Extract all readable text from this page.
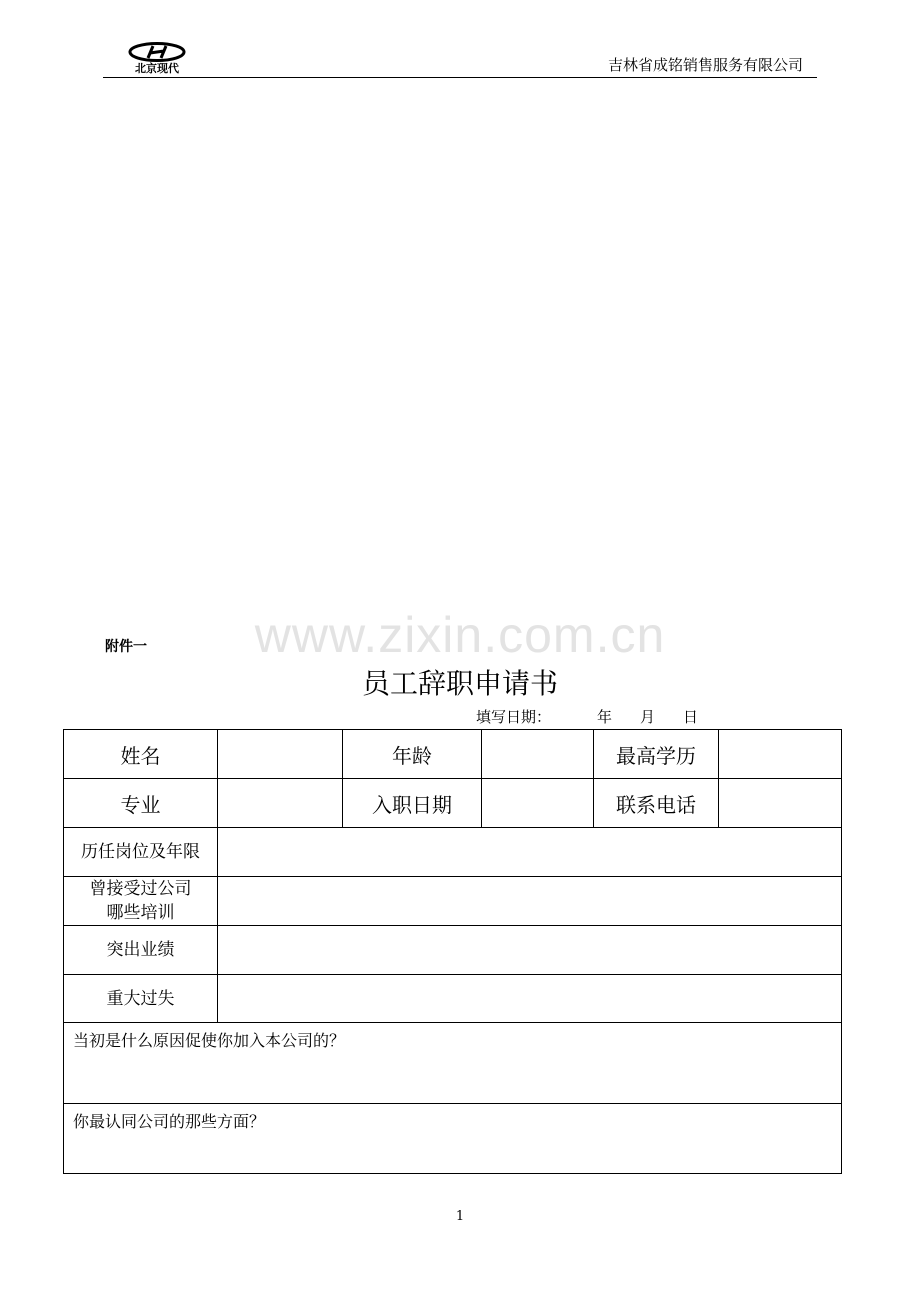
北京现代	吉林省成铭销售服务有限公司
www.zixin.com.cn
附件一
员工辞职申请书
填写日期：	年 月 日
姓名	年龄	最高学历
专业	入职日期	联系电话
历任岗位及年限
曾接受过公司
哪些培训
突出业绩
重大过失
当初是什么原因促使你加入本公司的？
你最认同公司的那些方面？
1
